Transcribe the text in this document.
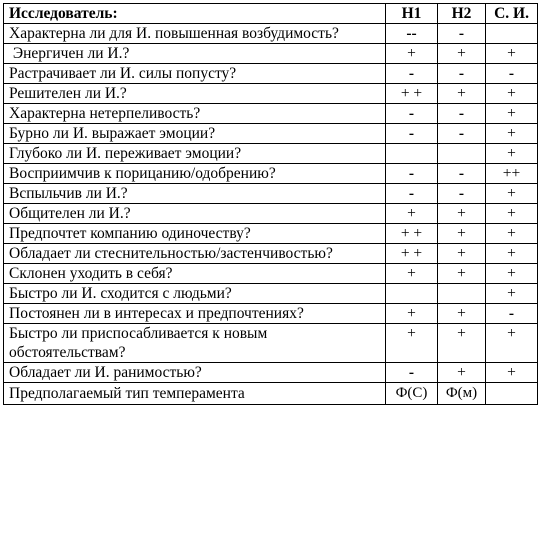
Исследователь:	Н1	Н2	С. И.
Характерна ли для И. повышенная возбудимость?	--	-	
Энергичен ли И.?	+	+	+
Растрачивает ли И. силы попусту?	-	-	-
Решителен ли И.?	+ +	+	+
Характерна нетерпеливость?	-	-	+
Бурно ли И. выражает эмоции?	-	-	+
Глубоко ли И. переживает эмоции?			+
Восприимчив к порицанию/одобрению?	-	-	++
Вспыльчив ли И.?	-	-	+
Общителен ли И.?	+	+	+
Предпочтет компанию одиночеству?	+ +	+	+
Обладает ли стеснительностью/застенчивостью?	+ +	+	+
Склонен уходить в себя?	+	+	+
Быстро ли И. сходится с людьми?			+
Постоянен ли в интересах и предпочтениях?	+	+	-
Быстро ли приспосабливается к новым обстоятельствам?	+	+	+
Обладает ли И. ранимостью?	-	+	+
Предполагаемый тип темперамента	Ф(С)	Ф(м)	
